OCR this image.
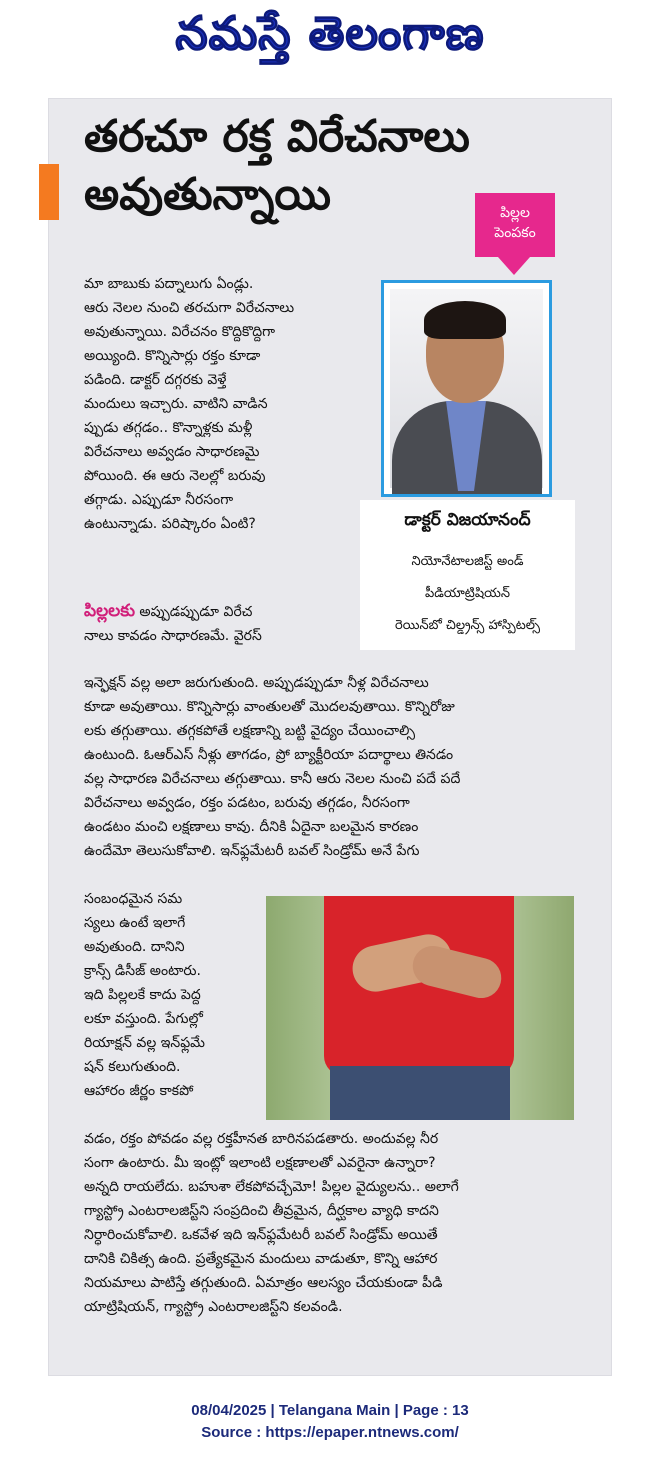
నమస్తే తెలంగాణ
తరచూ రక్త విరేచనాలు
అవుతున్నాయి	పిల్లల
పెంపకం
డాక్టర్ విజయానంద్
నియోనేటాలజిస్ట్ అండ్
పీడియాట్రిషియన్
రెయిన్‌బో చిల్డ్రన్స్ హాస్పిటల్స్
మా బాబుకు పద్నాలుగు ఏండ్లు.
ఆరు నెలల నుంచి తరచుగా విరేచనాలు
అవుతున్నాయి. విరేచనం కొద్దికొద్దిగా
అయ్యింది. కొన్నిసార్లు రక్తం కూడా
పడింది. డాక్టర్ దగ్గరకు వెళ్తే
మందులు ఇచ్చారు. వాటిని వాడిన
ప్పుడు తగ్గడం.. కొన్నాళ్లకు మళ్లీ
విరేచనాలు అవ్వడం సాధారణమై
పోయింది. ఈ ఆరు నెలల్లో బరువు
తగ్గాడు. ఎప్పుడూ నీరసంగా
ఉంటున్నాడు. పరిష్కారం ఏంటి?
పిల్లలకు అప్పుడప్పుడూ విరేచ
నాలు కావడం సాధారణమే. వైరస్
ఇన్ఫెక్షన్ వల్ల అలా జరుగుతుంది. అప్పుడప్పుడూ నీళ్ల విరేచనాలు
కూడా అవుతాయి. కొన్నిసార్లు వాంతులతో మొదలవుతాయి. కొన్నిరోజు
లకు తగ్గుతాయి. తగ్గకపోతే లక్షణాన్ని బట్టి వైద్యం చేయించాల్సి
ఉంటుంది. ఓఆర్ఎస్ నీళ్లు తాగడం, ప్రో బ్యాక్టీరియా పదార్థాలు తినడం
వల్ల సాధారణ విరేచనాలు తగ్గుతాయి. కానీ ఆరు నెలల నుంచి పదే పదే
విరేచనాలు అవ్వడం, రక్తం పడటం, బరువు తగ్గడం, నీరసంగా
ఉండటం మంచి లక్షణాలు కావు. దీనికి ఏదైనా బలమైన కారణం
ఉందేమో తెలుసుకోవాలి. ఇన్‌ఫ్లమేటరీ బవల్ సిండ్రోమ్ అనే పేగు
సంబంధమైన సమ
స్యలు ఉంటే ఇలాగే
అవుతుంది. దానిని
క్రాన్స్ డిసీజ్ అంటారు.
ఇది పిల్లలకే కాదు పెద్ద
లకూ వస్తుంది. పేగుల్లో
రియాక్షన్ వల్ల ఇన్‌ఫ్లమే
షన్ కలుగుతుంది.
ఆహారం జీర్ణం కాకపో
వడం, రక్తం పోవడం వల్ల రక్తహీనత బారినపడతారు. అందువల్ల నీర
సంగా ఉంటారు. మీ ఇంట్లో ఇలాంటి లక్షణాలతో ఎవరైనా ఉన్నారా?
అన్నది రాయలేదు. బహుశా లేకపోవచ్చేమో! పిల్లల వైద్యులను.. అలాగే
గ్యాస్ట్రో ఎంటరాలజిస్ట్‌ని సంప్రదించి తీవ్రమైన, దీర్ఘకాల వ్యాధి కాదని
నిర్ధారించుకోవాలి. ఒకవేళ ఇది ఇన్‌ఫ్లమేటరీ బవల్ సిండ్రోమ్ అయితే
దానికి చికిత్స ఉంది. ప్రత్యేకమైన మందులు వాడుతూ, కొన్ని ఆహార
నియమాలు పాటిస్తే తగ్గుతుంది. ఏమాత్రం ఆలస్యం చేయకుండా పీడి
యాట్రిషియన్, గ్యాస్ట్రో ఎంటరాలజిస్ట్‌ని కలవండి.
08/04/2025 | Telangana Main | Page : 13
Source : https://epaper.ntnews.com/
